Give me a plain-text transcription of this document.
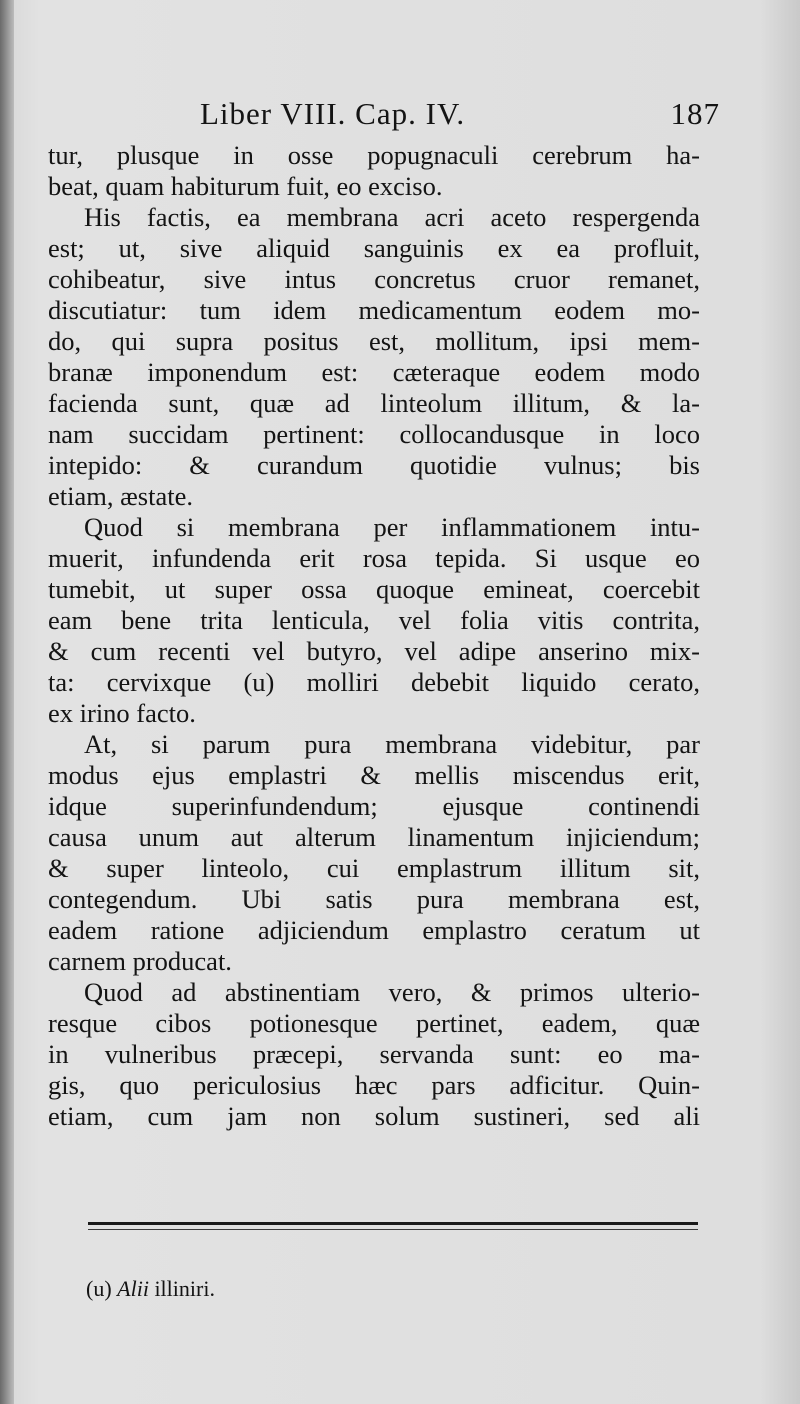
Liber VIII. Cap. IV.	187
tur, plusque in osse popugnaculi cerebrum ha-
beat, quam habiturum fuit, eo exciso.
His factis, ea membrana acri aceto respergenda
est; ut, sive aliquid sanguinis ex ea profluit,
cohibeatur, sive intus concretus cruor remanet,
discutiatur: tum idem medicamentum eodem mo-
do, qui supra positus est, mollitum, ipsi mem-
branæ imponendum est: cæteraque eodem modo
facienda sunt, quæ ad linteolum illitum, & la-
nam succidam pertinent: collocandusque in loco
intepido: & curandum quotidie vulnus; bis
etiam, æstate.
Quod si membrana per inflammationem intu-
muerit, infundenda erit rosa tepida. Si usque eo
tumebit, ut super ossa quoque emineat, coercebit
eam bene trita lenticula, vel folia vitis contrita,
& cum recenti vel butyro, vel adipe anserino mix-
ta: cervixque (u) molliri debebit liquido cerato,
ex irino facto.
At, si parum pura membrana videbitur, par
modus ejus emplastri & mellis miscendus erit,
idque superinfundendum; ejusque continendi
causa unum aut alterum linamentum injiciendum;
& super linteolo, cui emplastrum illitum sit,
contegendum. Ubi satis pura membrana est,
eadem ratione adjiciendum emplastro ceratum ut
carnem producat.
Quod ad abstinentiam vero, & primos ulterio-
resque cibos potionesque pertinet, eadem, quæ
in vulneribus præcepi, servanda sunt: eo ma-
gis, quo periculosius hæc pars adficitur. Quin-
etiam, cum jam non solum sustineri, sed ali
(u) Alii illiniri.
